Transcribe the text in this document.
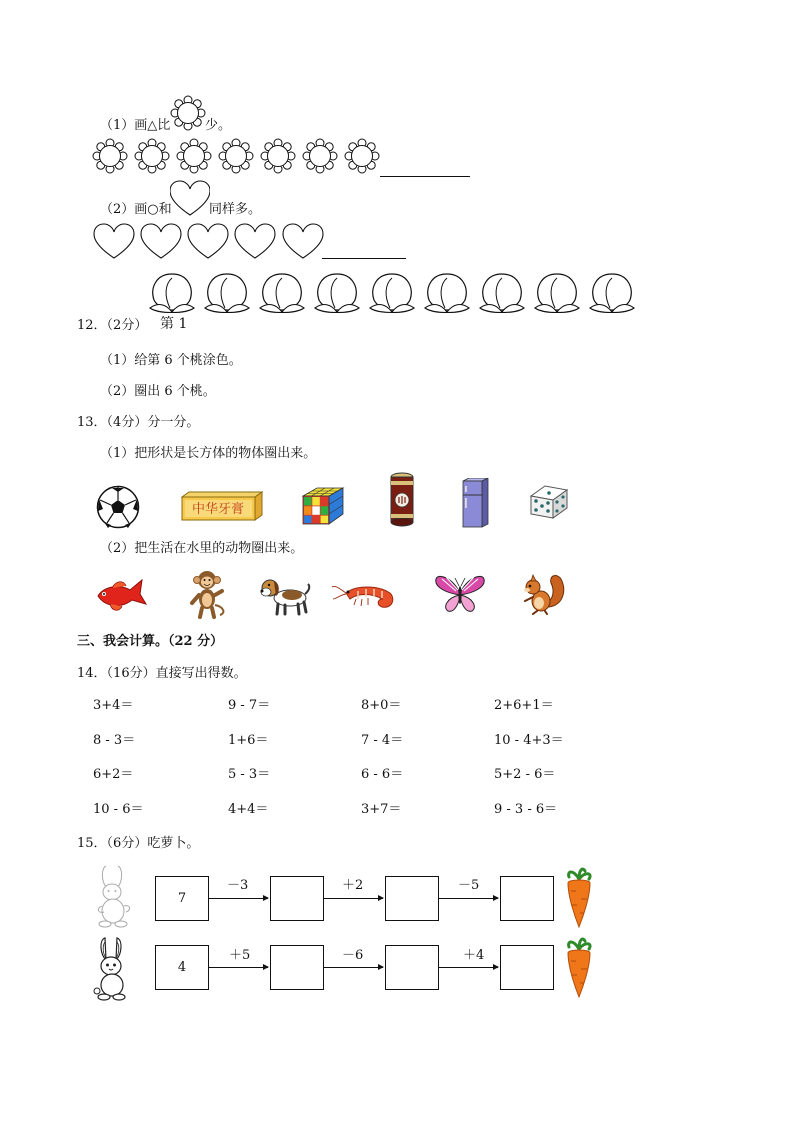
（1）画△比	少。
（2）画○和	同样多。
12．（2分） 第 1
（1）给第 6 个桃涂色。
（2）圈出 6 个桃。
13．（4分）分一分。
（1）把形状是长方体的物体圈出来。
中华牙膏
（2）把生活在水里的动物圈出来。
三、我会计算。（22 分）
14．（16分）直接写出得数。
3+4＝	9 - 7＝	8+0＝	2+6+1＝
8 - 3＝	1+6＝	7 - 4＝	10 - 4+3＝
6+2＝	5 - 3＝	6 - 6＝	5+2 - 6＝
10 - 6＝	4+4＝	3+7＝	9 - 3 - 6＝
15．（6分）吃萝卜。
7
－3	＋2	－5
4
＋5	－6	＋4
